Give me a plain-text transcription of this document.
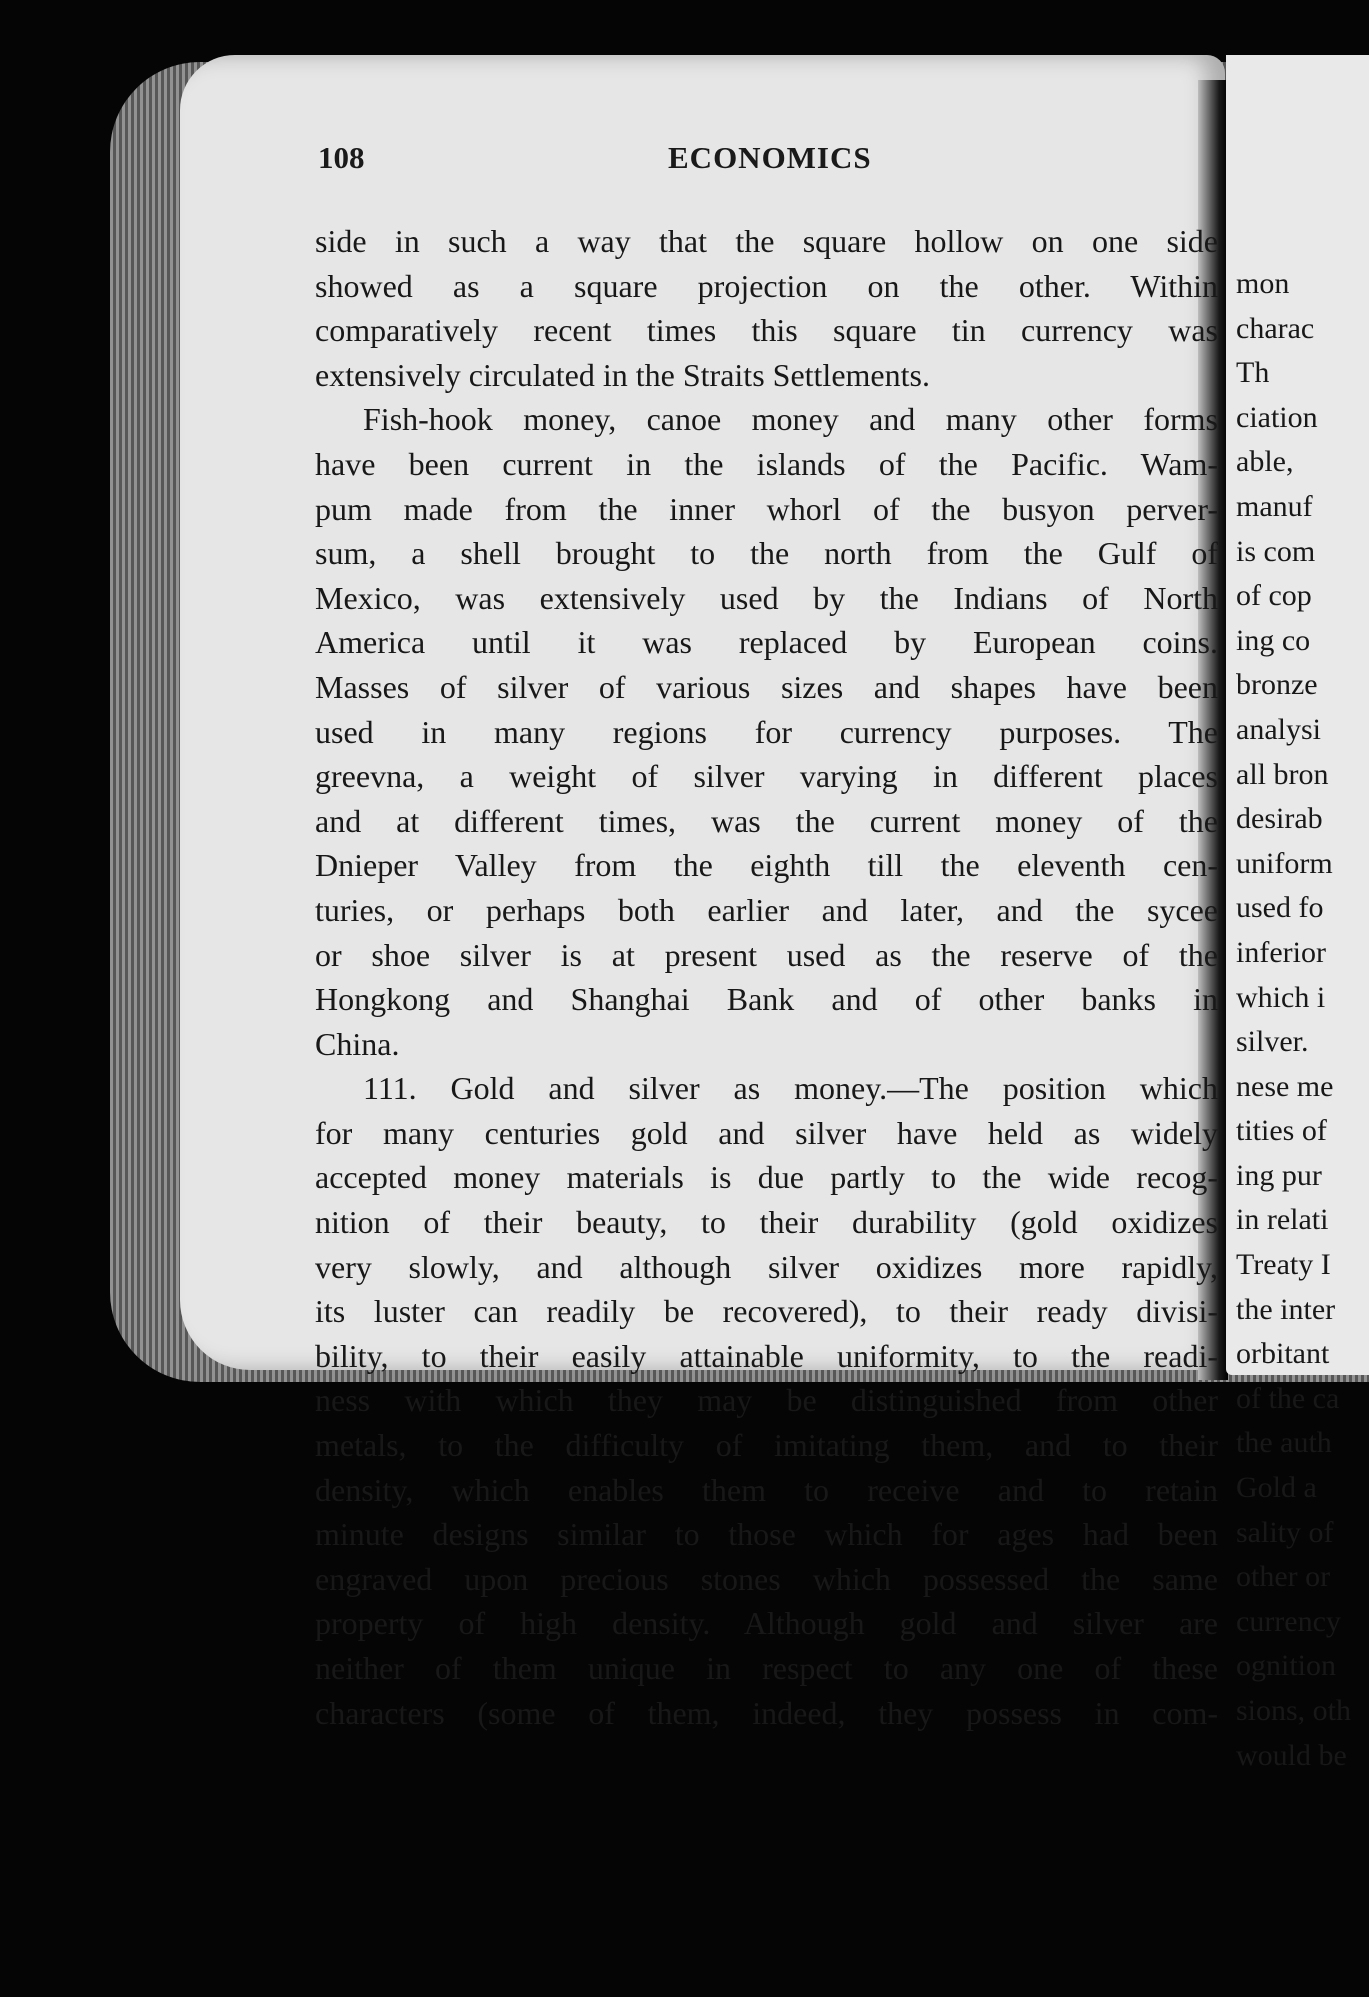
108	ECONOMICS
side in such a way that the square hollow on one side
showed as a square projection on the other. Within
comparatively recent times this square tin currency was
extensively circulated in the Straits Settlements.
Fish-hook money, canoe money and many other forms
have been current in the islands of the Pacific. Wam-
pum made from the inner whorl of the busyon perver-
sum, a shell brought to the north from the Gulf of
Mexico, was extensively used by the Indians of North
America until it was replaced by European coins.
Masses of silver of various sizes and shapes have been
used in many regions for currency purposes. The
greevna, a weight of silver varying in different places
and at different times, was the current money of the
Dnieper Valley from the eighth till the eleventh cen-
turies, or perhaps both earlier and later, and the sycee
or shoe silver is at present used as the reserve of the
Hongkong and Shanghai Bank and of other banks in
China.
111. Gold and silver as money.—The position which
for many centuries gold and silver have held as widely
accepted money materials is due partly to the wide recog-
nition of their beauty, to their durability (gold oxidizes
very slowly, and although silver oxidizes more rapidly,
its luster can readily be recovered), to their ready divisi-
bility, to their easily attainable uniformity, to the readi-
ness with which they may be distinguished from other
metals, to the difficulty of imitating them, and to their
density, which enables them to receive and to retain
minute designs similar to those which for ages had been
engraved upon precious stones which possessed the same
property of high density. Although gold and silver are
neither of them unique in respect to any one of these
characters (some of them, indeed, they possess in com-
mon
charac
Th
ciation
able,
manuf
is com
of cop
ing co
bronze
analysi
all bron
desirab
uniform
used fo
inferior
which i
silver.
nese me
tities of
ing pur
in relati
Treaty I
the inter
orbitant
of the ca
the auth
Gold a
sality of
other or
currency
ognition
sions, oth
would be
